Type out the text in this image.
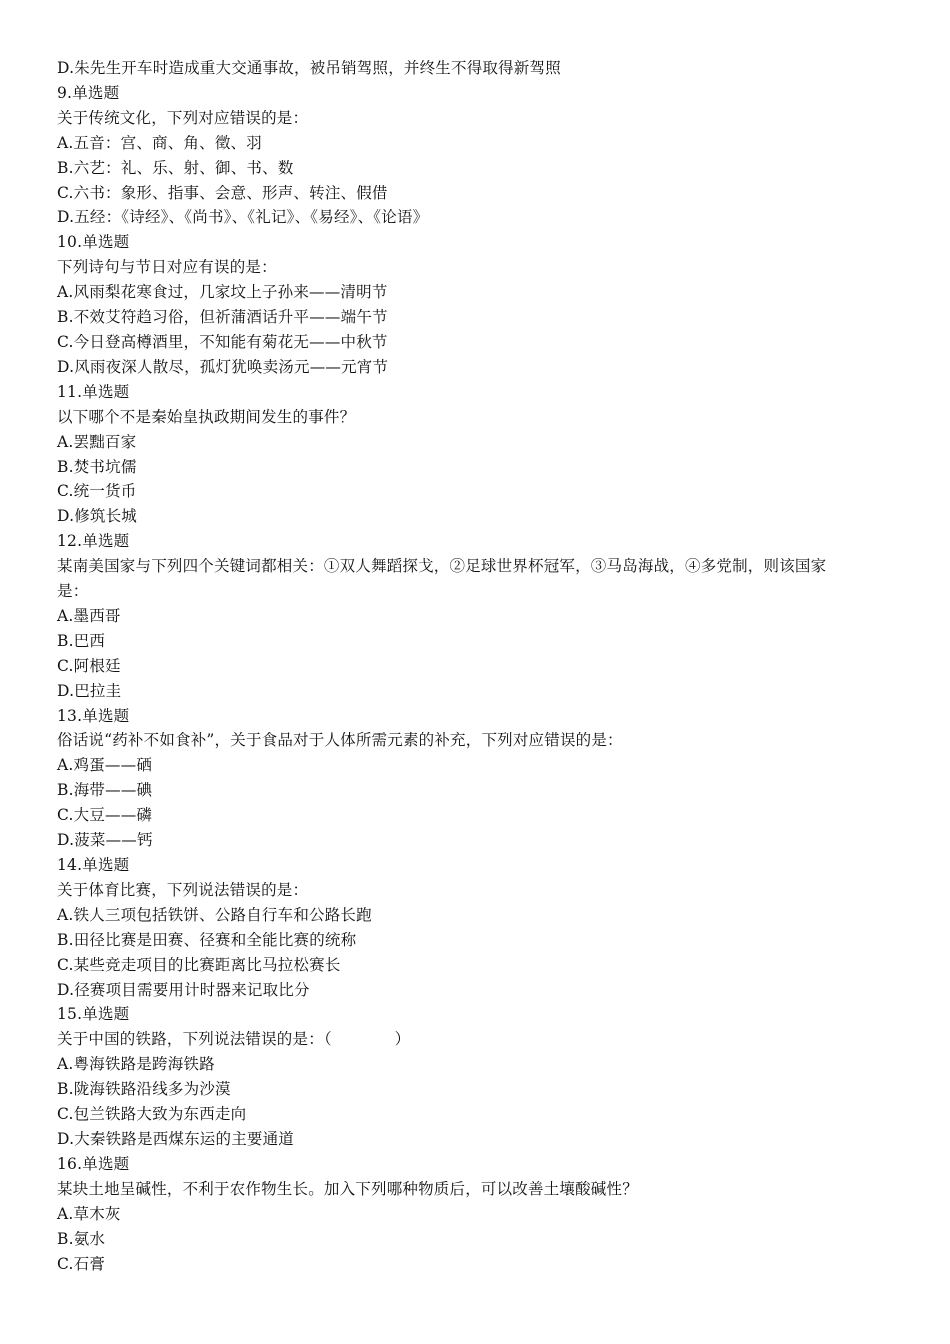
D.朱先生开车时造成重大交通事故，被吊销驾照，并终生不得取得新驾照
9.单选题
关于传统文化，下列对应错误的是：
A.五音：宫、商、角、徵、羽
B.六艺：礼、乐、射、御、书、数
C.六书：象形、指事、会意、形声、转注、假借
D.五经：《诗经》、《尚书》、《礼记》、《易经》、《论语》
10.单选题
下列诗句与节日对应有误的是：
A.风雨梨花寒食过，几家坟上子孙来——清明节
B.不效艾符趋习俗，但祈蒲酒话升平——端午节
C.今日登高樽酒里，不知能有菊花无——中秋节
D.风雨夜深人散尽，孤灯犹唤卖汤元——元宵节
11.单选题
以下哪个不是秦始皇执政期间发生的事件？
A.罢黜百家
B.焚书坑儒
C.统一货币
D.修筑长城
12.单选题
某南美国家与下列四个关键词都相关：①双人舞蹈探戈，②足球世界杯冠军，③马岛海战，④多党制，则该国家
是：
A.墨西哥
B.巴西
C.阿根廷
D.巴拉圭
13.单选题
俗话说“药补不如食补”，关于食品对于人体所需元素的补充，下列对应错误的是：
A.鸡蛋——硒
B.海带——碘
C.大豆——磷
D.菠菜——钙
14.单选题
关于体育比赛，下列说法错误的是：
A.铁人三项包括铁饼、公路自行车和公路长跑
B.田径比赛是田赛、径赛和全能比赛的统称
C.某些竞走项目的比赛距离比马拉松赛长
D.径赛项目需要用计时器来记取比分
15.单选题
关于中国的铁路，下列说法错误的是：（　　　　）
A.粤海铁路是跨海铁路
B.陇海铁路沿线多为沙漠
C.包兰铁路大致为东西走向
D.大秦铁路是西煤东运的主要通道
16.单选题
某块土地呈碱性，不利于农作物生长。加入下列哪种物质后，可以改善土壤酸碱性？
A.草木灰
B.氨水
C.石膏
